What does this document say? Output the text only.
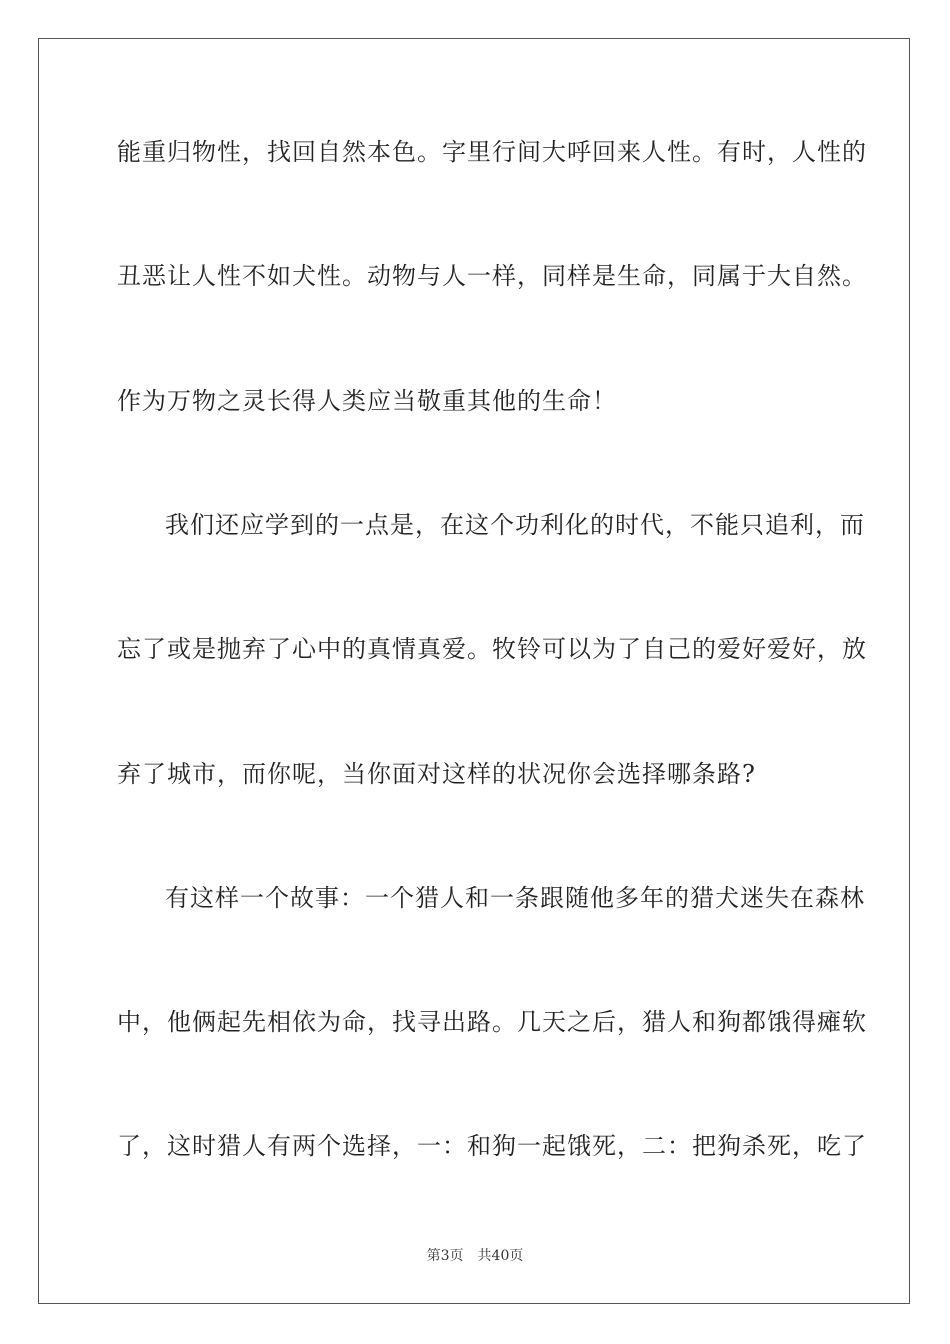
能重归物性，找回自然本色。字里行间大呼回来人性。有时，人性的
丑恶让人性不如犬性。动物与人一样，同样是生命，同属于大自然。
作为万物之灵长得人类应当敬重其他的生命！
我们还应学到的一点是，在这个功利化的时代，不能只追利，而
忘了或是抛弃了心中的真情真爱。牧铃可以为了自己的爱好爱好，放
弃了城市，而你呢，当你面对这样的状况你会选择哪条路?
有这样一个故事：一个猎人和一条跟随他多年的猎犬迷失在森林
中，他俩起先相依为命，找寻出路。几天之后，猎人和狗都饿得瘫软
了，这时猎人有两个选择，一：和狗一起饿死，二：把狗杀死，吃了
第3页 共40页
